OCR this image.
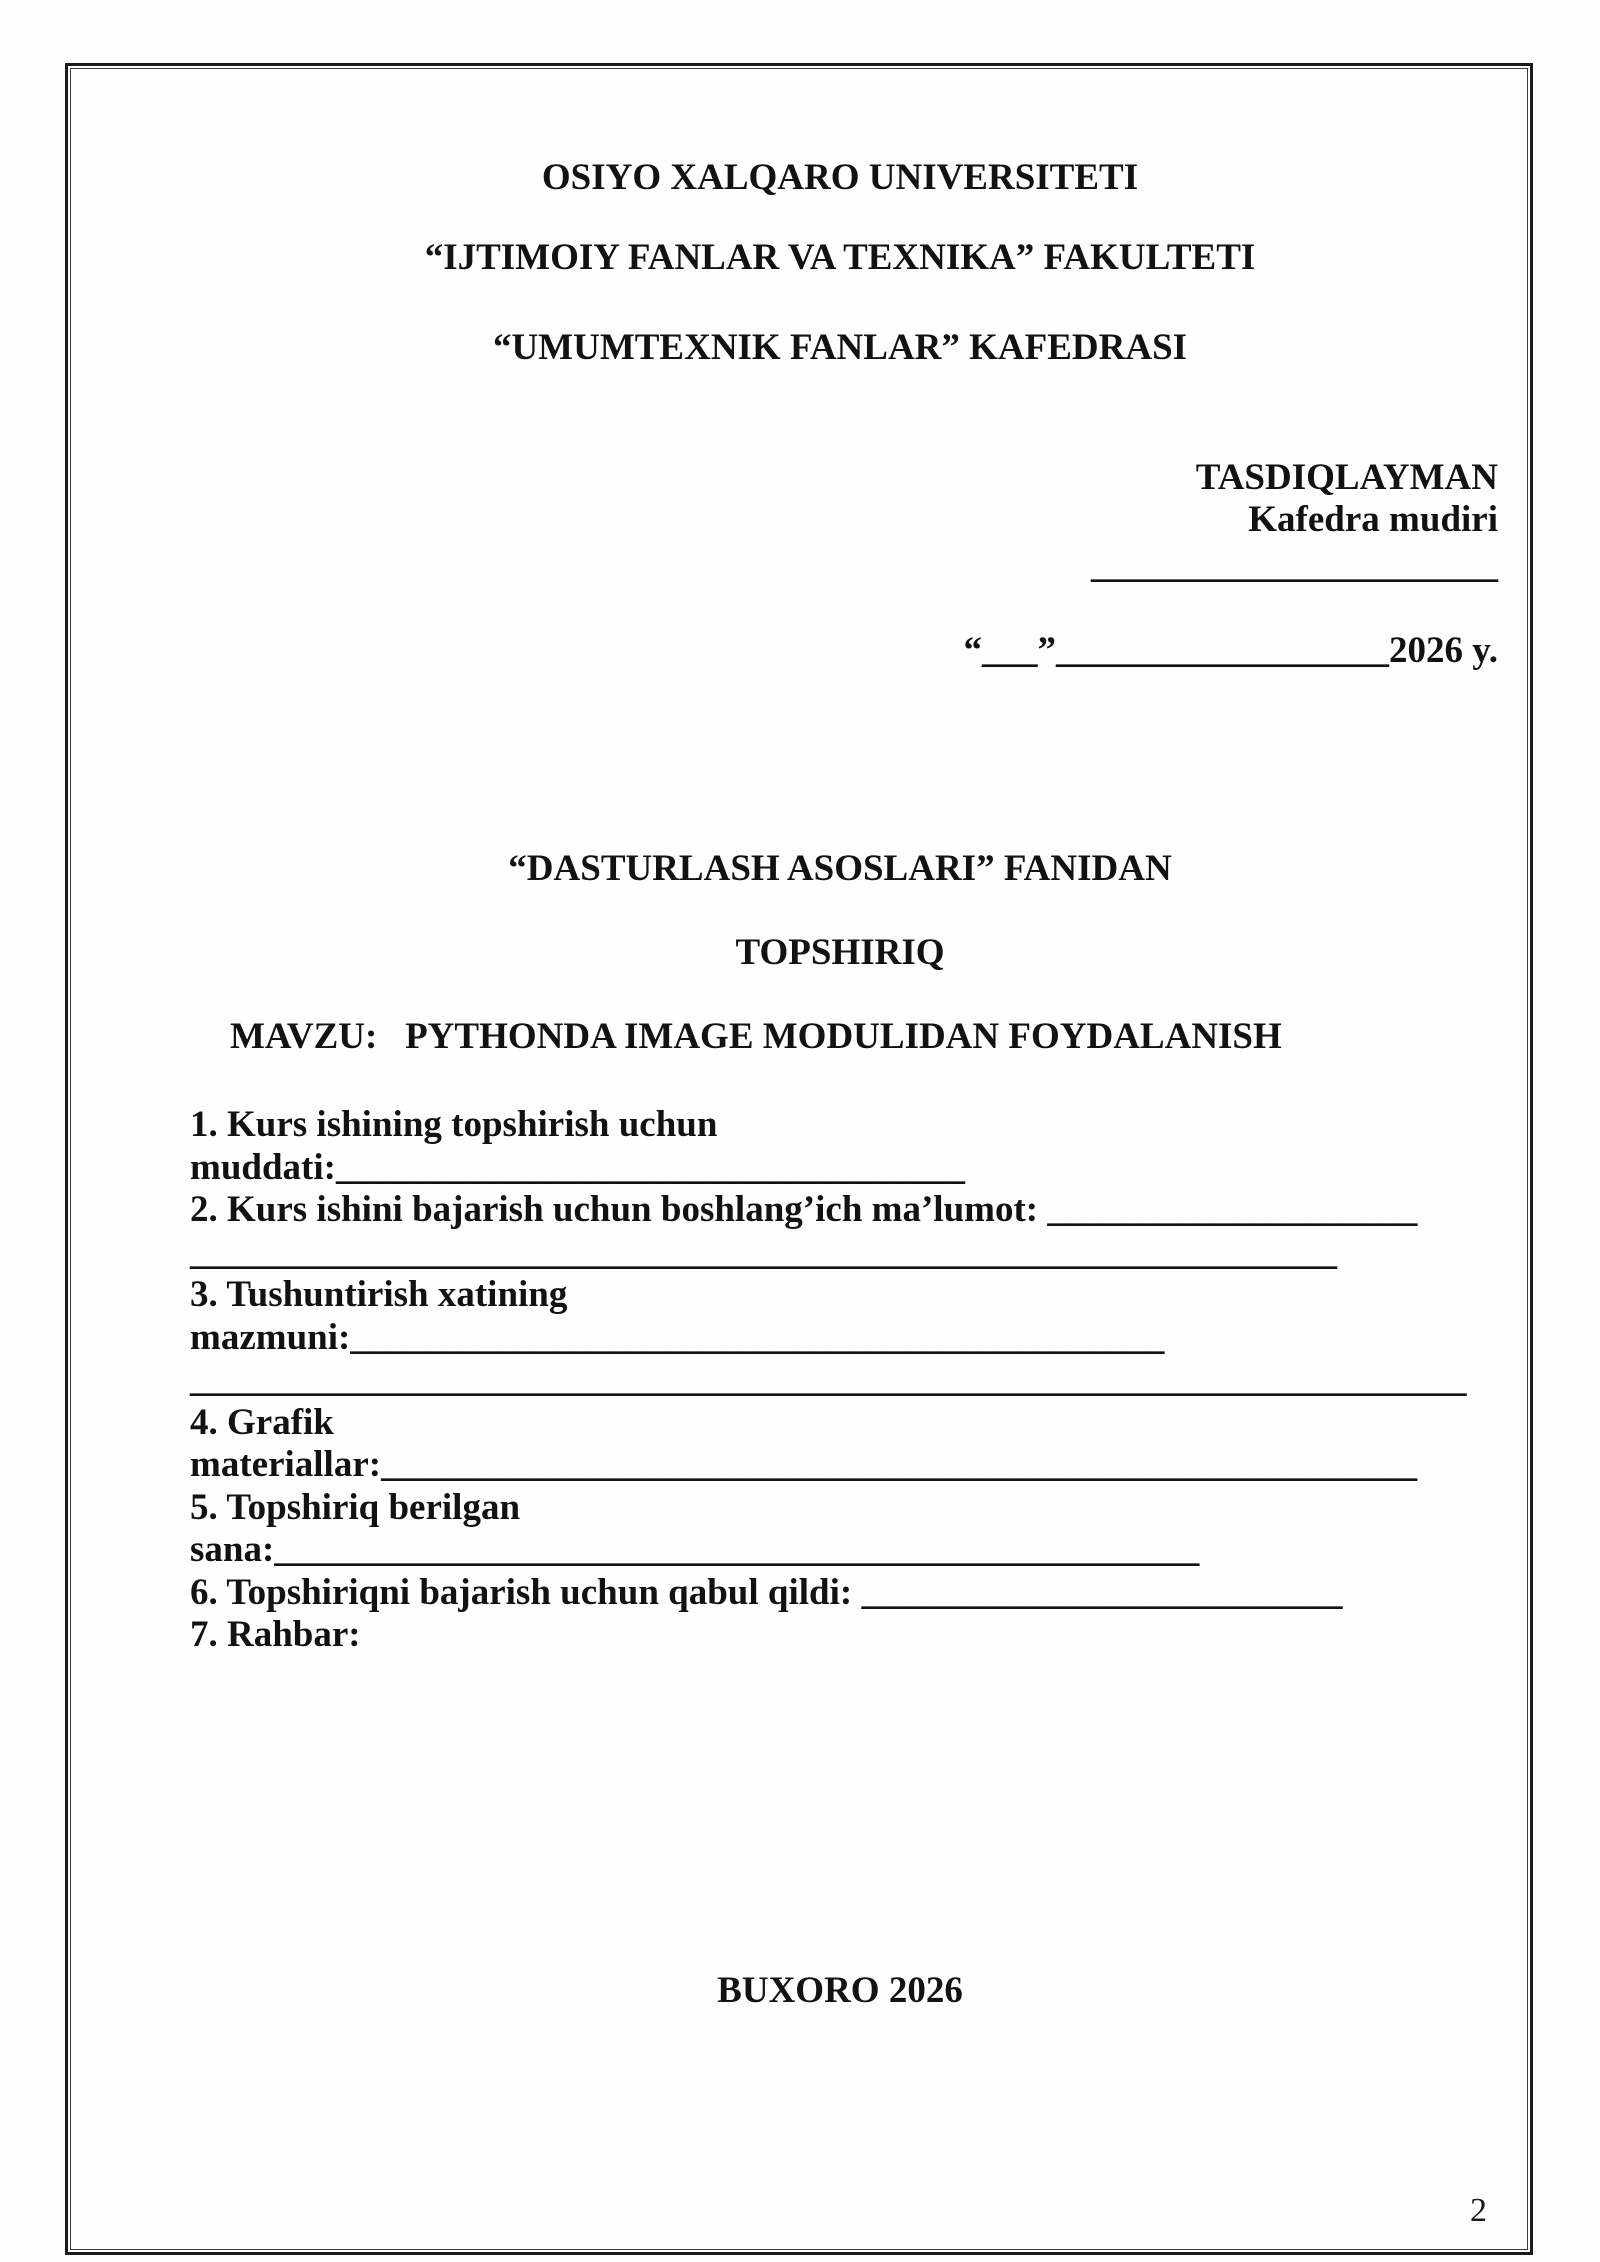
OSIYO XALQARO UNIVERSITETI
“IJTIMOIY FANLAR VA TEXNIKA” FAKULTETI
“UMUMTEXNIK FANLAR” KAFEDRASI
TASDIQLAYMAN
Kafedra mudiri
______________________
“___”__________________2026 y.
“DASTURLASH ASOSLARI” FANIDAN
TOPSHIRIQ
MAVZU:   PYTHONDA IMAGE MODULIDAN FOYDALANISH
1. Kurs ishining topshirish uchun
muddati:__________________________________
2. Kurs ishini bajarish uchun boshlang’ich ma’lumot: ____________________
______________________________________________________________
3. Tushuntirish xatining
mazmuni:____________________________________________
_____________________________________________________________________
4. Grafik
materiallar:________________________________________________________
5. Topshiriq berilgan
sana:__________________________________________________
6. Topshiriqni bajarish uchun qabul qildi: __________________________
7. Rahbar:
BUXORO 2026
2
